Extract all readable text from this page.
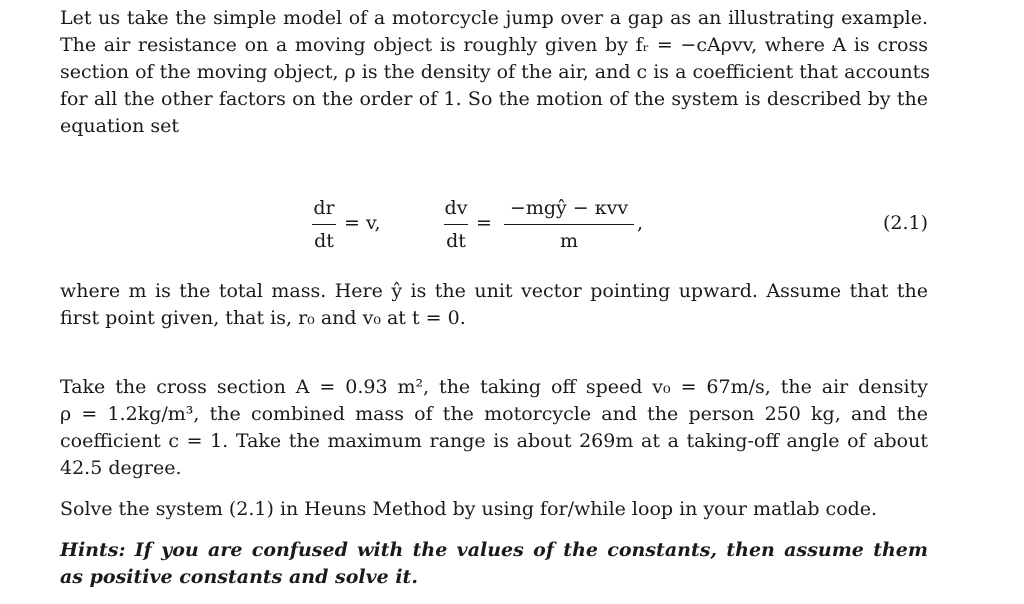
Let us take the simple model of a motorcycle jump over a gap as an illustrating example.
The air resistance on a moving object is roughly given by fᵣ = −cAρvv, where A is cross
section of the moving object, ρ is the density of the air, and c is a coefficient that accounts
for all the other factors on the order of 1. So the motion of the system is described by the
equation set

dr
dt
= v,
dv
dt
=
−mgŷ − κvv
m
,	(2.1)

where m is the total mass. Here ŷ is the unit vector pointing upward. Assume that the
first point given, that is, r₀ and v₀ at t = 0.

Take the cross section A = 0.93 m², the taking off speed v₀ = 67m/s, the air density
ρ = 1.2kg/m³, the combined mass of the motorcycle and the person 250 kg, and the
coefficient c = 1. Take the maximum range is about 269m at a taking-off angle of about
42.5 degree.

Solve the system (2.1) in Heuns Method by using for/while loop in your matlab code.

Hints: If you are confused with the values of the constants, then assume them
as positive constants and solve it.
